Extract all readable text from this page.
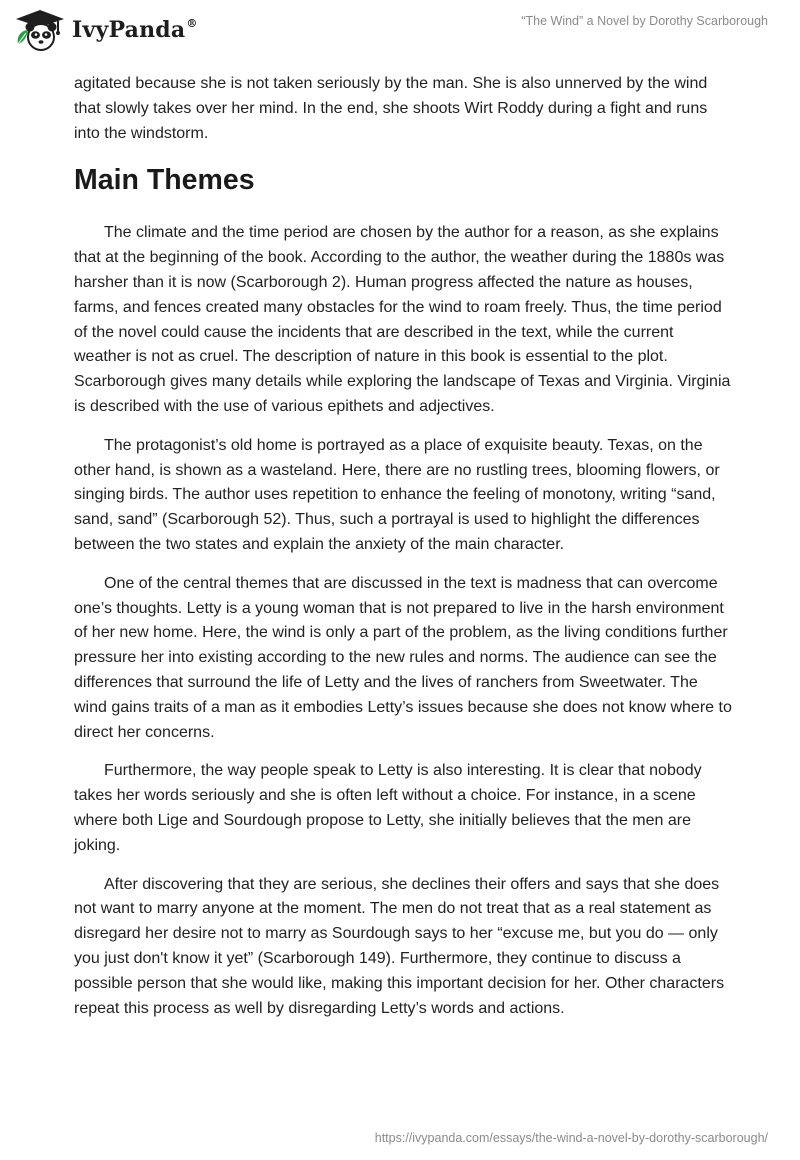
IvyPanda®	“The Wind” a Novel by Dorothy Scarborough

agitated because she is not taken seriously by the man. She is also unnerved by the wind that slowly takes over her mind. In the end, she shoots Wirt Roddy during a fight and runs into the windstorm.

Main Themes

The climate and the time period are chosen by the author for a reason, as she explains that at the beginning of the book. According to the author, the weather during the 1880s was harsher than it is now (Scarborough 2). Human progress affected the nature as houses, farms, and fences created many obstacles for the wind to roam freely. Thus, the time period of the novel could cause the incidents that are described in the text, while the current weather is not as cruel. The description of nature in this book is essential to the plot. Scarborough gives many details while exploring the landscape of Texas and Virginia. Virginia is described with the use of various epithets and adjectives.

The protagonist’s old home is portrayed as a place of exquisite beauty. Texas, on the other hand, is shown as a wasteland. Here, there are no rustling trees, blooming flowers, or singing birds. The author uses repetition to enhance the feeling of monotony, writing “sand, sand, sand” (Scarborough 52). Thus, such a portrayal is used to highlight the differences between the two states and explain the anxiety of the main character.

One of the central themes that are discussed in the text is madness that can overcome one’s thoughts. Letty is a young woman that is not prepared to live in the harsh environment of her new home. Here, the wind is only a part of the problem, as the living conditions further pressure her into existing according to the new rules and norms. The audience can see the differences that surround the life of Letty and the lives of ranchers from Sweetwater. The wind gains traits of a man as it embodies Letty’s issues because she does not know where to direct her concerns.

Furthermore, the way people speak to Letty is also interesting. It is clear that nobody takes her words seriously and she is often left without a choice. For instance, in a scene where both Lige and Sourdough propose to Letty, she initially believes that the men are joking.

After discovering that they are serious, she declines their offers and says that she does not want to marry anyone at the moment. The men do not treat that as a real statement as disregard her desire not to marry as Sourdough says to her “excuse me, but you do — only you just don't know it yet” (Scarborough 149). Furthermore, they continue to discuss a possible person that she would like, making this important decision for her. Other characters repeat this process as well by disregarding Letty’s words and actions.

https://ivypanda.com/essays/the-wind-a-novel-by-dorothy-scarborough/
